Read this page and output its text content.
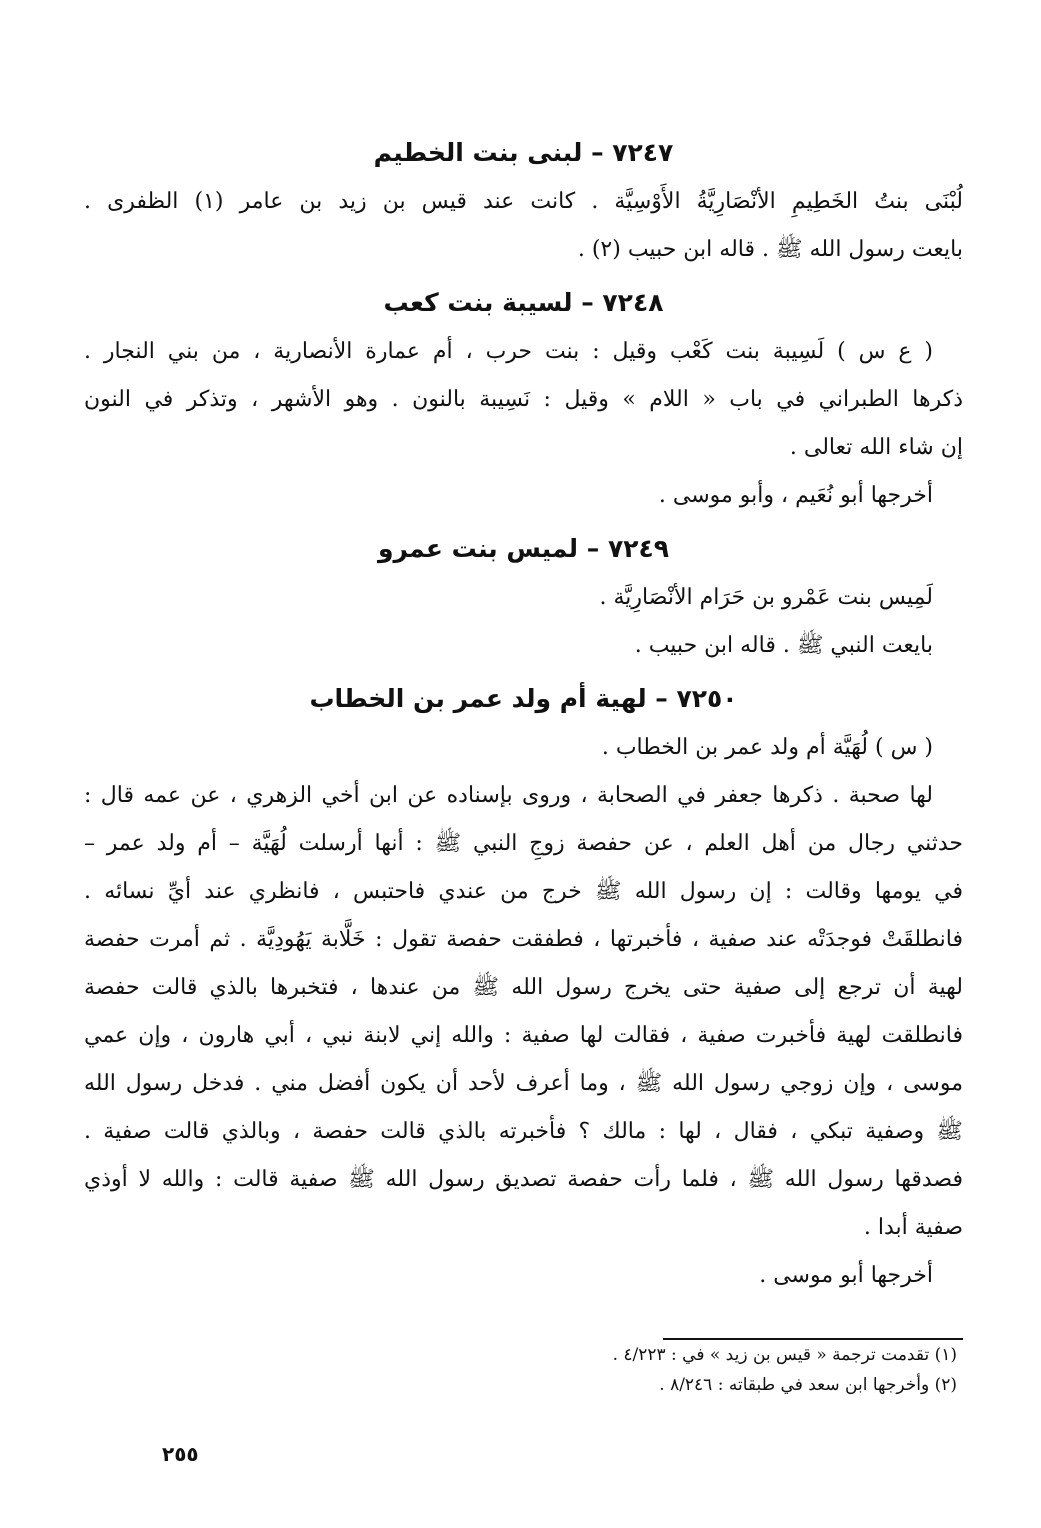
٧٢٤٧ – لبنى بنت الخطيم
لُبْنَى بنتُ الخَطِيمِ الأنْصَارِيَّةُ الأَوْسِيَّة . كانت عند قيس بن زيد بن عامر (١) الظفرى .
بايعت رسول الله ﷺ . قاله ابن حبيب (٢) .
٧٢٤٨ – لسيبة بنت كعب
( ع س ) لَسِيبة بنت كَعْب وقيل : بنت حرب ، أم عمارة الأنصارية ، من بني النجار .
ذكرها الطبراني في باب « اللام » وقيل : نَسِيبة بالنون . وهو الأشهر ، وتذكر في النون
إن شاء الله تعالى .
أخرجها أبو نُعَيم ، وأبو موسى .
٧٢٤٩ – لميس بنت عمرو
لَمِيس بنت عَمْرو بن حَرَام الأنْصَارِيَّة .
بايعت النبي ﷺ . قاله ابن حبيب .
٧٢٥٠ – لهية أم ولد عمر بن الخطاب
( س ) لُهَيَّة أم ولد عمر بن الخطاب .
لها صحبة . ذكرها جعفر في الصحابة ، وروى بإسناده عن ابن أخي الزهري ، عن عمه قال :
حدثني رجال من أهل العلم ، عن حفصة زوجِ النبي ﷺ : أنها أرسلت لُهَيَّة – أم ولد عمر –
في يومها وقالت : إن رسول الله ﷺ خرج من عندي فاحتبس ، فانظري عند أيِّ نسائه .
فانطلقَتْ فوجدَتْه عند صفية ، فأخبرتها ، فطفقت حفصة تقول : خَلَّابة يَهُودِيَّة . ثم أمرت حفصة
لهية أن ترجع إلى صفية حتى يخرج رسول الله ﷺ من عندها ، فتخبرها بالذي قالت حفصة
فانطلقت لهية فأخبرت صفية ، فقالت لها صفية : والله إني لابنة نبي ، أبي هارون ، وإن عمي
موسى ، وإن زوجي رسول الله ﷺ ، وما أعرف لأحد أن يكون أفضل مني . فدخل رسول الله
ﷺ وصفية تبكي ، فقال ، لها : مالك ؟ فأخبرته بالذي قالت حفصة ، وبالذي قالت صفية .
فصدقها رسول الله ﷺ ، فلما رأت حفصة تصديق رسول الله ﷺ صفية قالت : والله لا أوذي
صفية أبدا .
أخرجها أبو موسى .
(١) تقدمت ترجمة « قيس بن زيد » في : ٤/٢٢٣ .
(٢) وأخرجها ابن سعد في طبقاته : ٨/٢٤٦ .
٢٥٥
